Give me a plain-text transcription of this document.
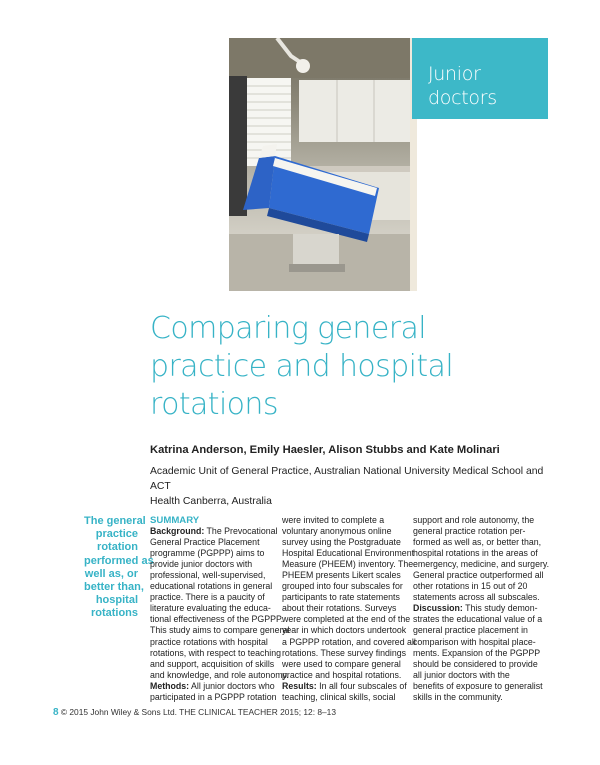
Junior
doctors
Comparing general
practice and hospital
rotations
Katrina Anderson, Emily Haesler, Alison Stubbs and Kate Molinari
Academic Unit of General Practice, Australian National University Medical School and ACT
Health Canberra, Australia
The general
practice
rotation
performed as
well as, or
better than,
hospital
rotations
SUMMARY
Background: The Prevocational
General Practice Placement
programme (PGPPP) aims to
provide junior doctors with
professional, well-supervised,
educational rotations in general
practice. There is a paucity of
literature evaluating the educa-
tional effectiveness of the PGPPP.
This study aims to compare general
practice rotations with hospital
rotations, with respect to teaching
and support, acquisition of skills
and knowledge, and role autonomy.
Methods: All junior doctors who
participated in a PGPPP rotation
were invited to complete a
voluntary anonymous online
survey using the Postgraduate
Hospital Educational Environment
Measure (PHEEM) inventory. The
PHEEM presents Likert scales
grouped into four subscales for
participants to rate statements
about their rotations. Surveys
were completed at the end of the
year in which doctors undertook
a PGPPP rotation, and covered all
rotations. These survey findings
were used to compare general
practice and hospital rotations.
Results: In all four subscales of
teaching, clinical skills, social
support and role autonomy, the
general practice rotation per-
formed as well as, or better than,
hospital rotations in the areas of
emergency, medicine, and surgery.
General practice outperformed all
other rotations in 15 out of 20
statements across all subscales.
Discussion: This study demon-
strates the educational value of a
general practice placement in
comparison with hospital place-
ments. Expansion of the PGPPP
should be considered to provide
all junior doctors with the
benefits of exposure to generalist
skills in the community.
8 © 2015 John Wiley & Sons Ltd. THE CLINICAL TEACHER 2015; 12: 8–13
